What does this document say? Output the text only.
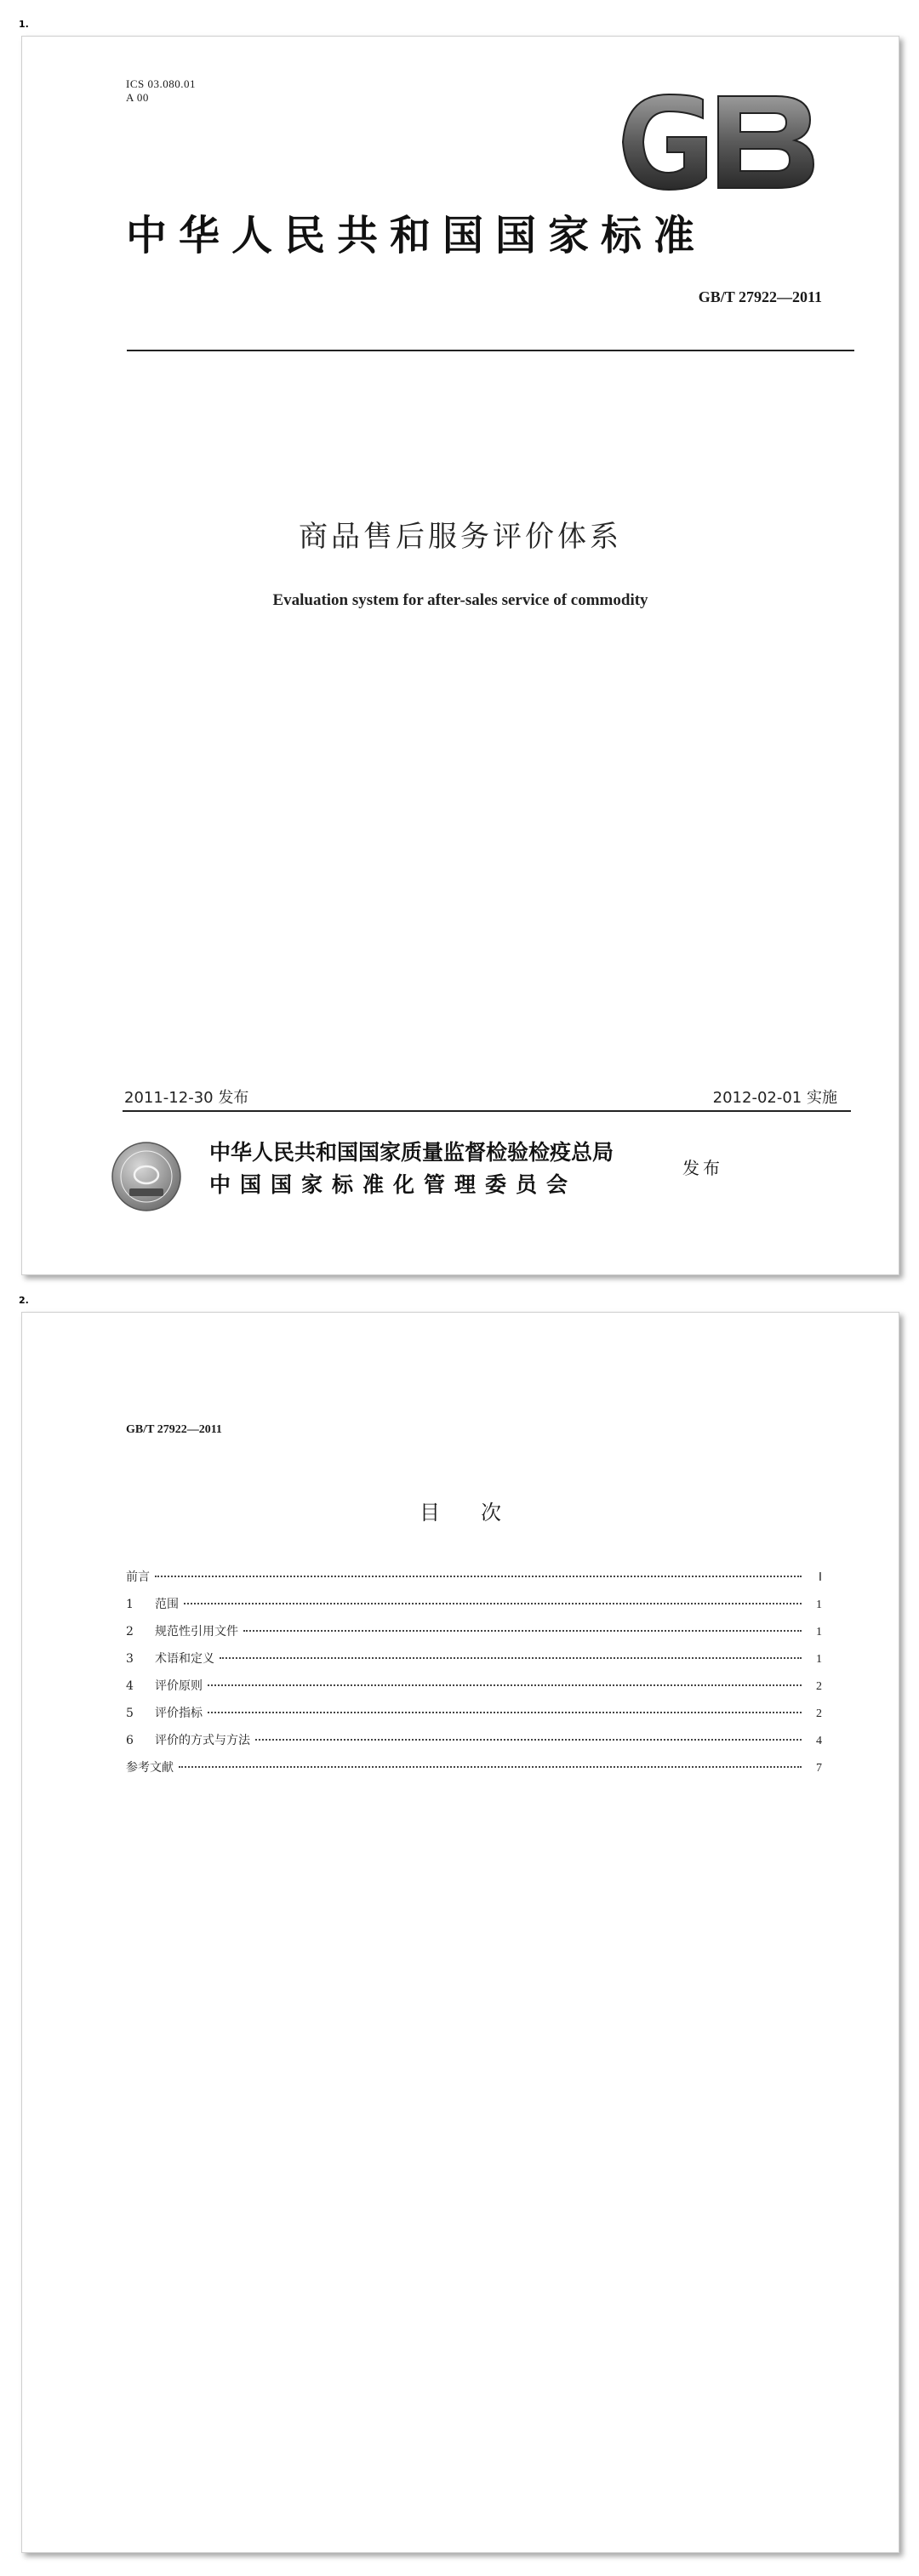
1.
ICS 03.080.01
A 00
中华人民共和国国家标准
GB/T 27922—2011
商品售后服务评价体系
Evaluation system for after-sales service of commodity
2011-12-30 发布	2012-02-01 实施
中华人民共和国国家质量监督检验检疫总局
中国国家标准化管理委员会
发布
2.
GB/T 27922—2011
目次
前言	Ⅰ
1	范围	1
2	规范性引用文件	1
3	术语和定义	1
4	评价原则	2
5	评价指标	2
6	评价的方式与方法	4
参考文献	7
